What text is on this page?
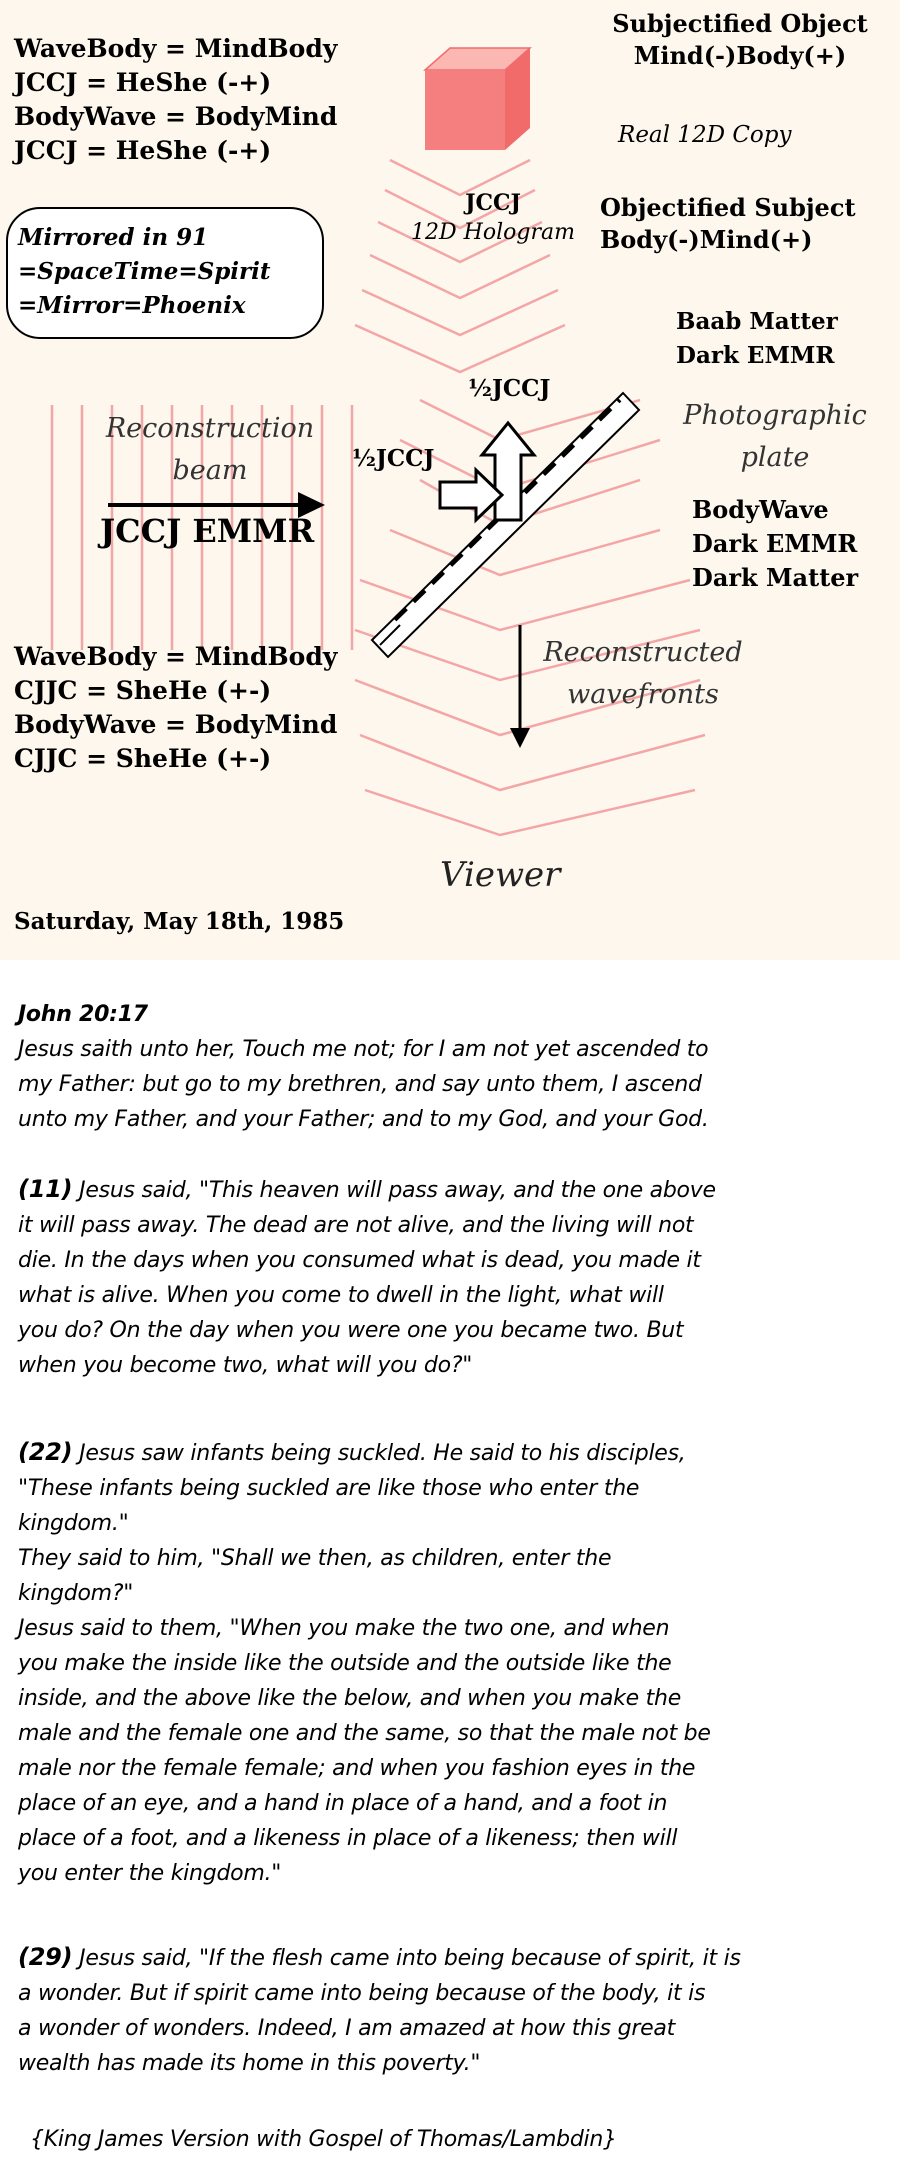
WaveBody = MindBody
JCCJ = HeShe (-+)
BodyWave = BodyMind
JCCJ = HeShe (-+)
Mirrored in 91
=SpaceTime=Spirit
=Mirror=Phoenix
Subjectified Object
Mind(-)Body(+)
Real 12D Copy
JCCJ
12D Hologram
Objectified Subject
Body(-)Mind(+)
Baab Matter
Dark EMMR
½JCCJ
½JCCJ
Photographic
plate
Reconstruction
beam
JCCJ EMMR
BodyWave
Dark EMMR
Dark Matter
WaveBody = MindBody
CJJC = SheHe (+-)
BodyWave = BodyMind
CJJC = SheHe (+-)
Reconstructed
wavefronts
Viewer
Saturday, May 18th, 1985

John 20:17

Jesus saith unto her, Touch me not; for I am not yet ascended to

my Father: but go to my brethren, and say unto them, I ascend

unto my Father, and your Father; and to my God, and your God.

(11) Jesus said, "This heaven will pass away, and the one above

it will pass away. The dead are not alive, and the living will not

die. In the days when you consumed what is dead, you made it

what is alive. When you come to dwell in the light, what will

you do? On the day when you were one you became two. But

when you become two, what will you do?"

(22) Jesus saw infants being suckled. He said to his disciples,

"These infants being suckled are like those who enter the

kingdom."

They said to him, "Shall we then, as children, enter the

kingdom?"

Jesus said to them, "When you make the two one, and when

you make the inside like the outside and the outside like the

inside, and the above like the below, and when you make the

male and the female one and the same, so that the male not be

male nor the female female; and when you fashion eyes in the

place of an eye, and a hand in place of a hand, and a foot in

place of a foot, and a likeness in place of a likeness; then will

you enter the kingdom."

(29) Jesus said, "If the flesh came into being because of spirit, it is

a wonder. But if spirit came into being because of the body, it is

a wonder of wonders. Indeed, I am amazed at how this great

wealth has made its home in this poverty."

{King James Version with Gospel of Thomas/Lambdin}
